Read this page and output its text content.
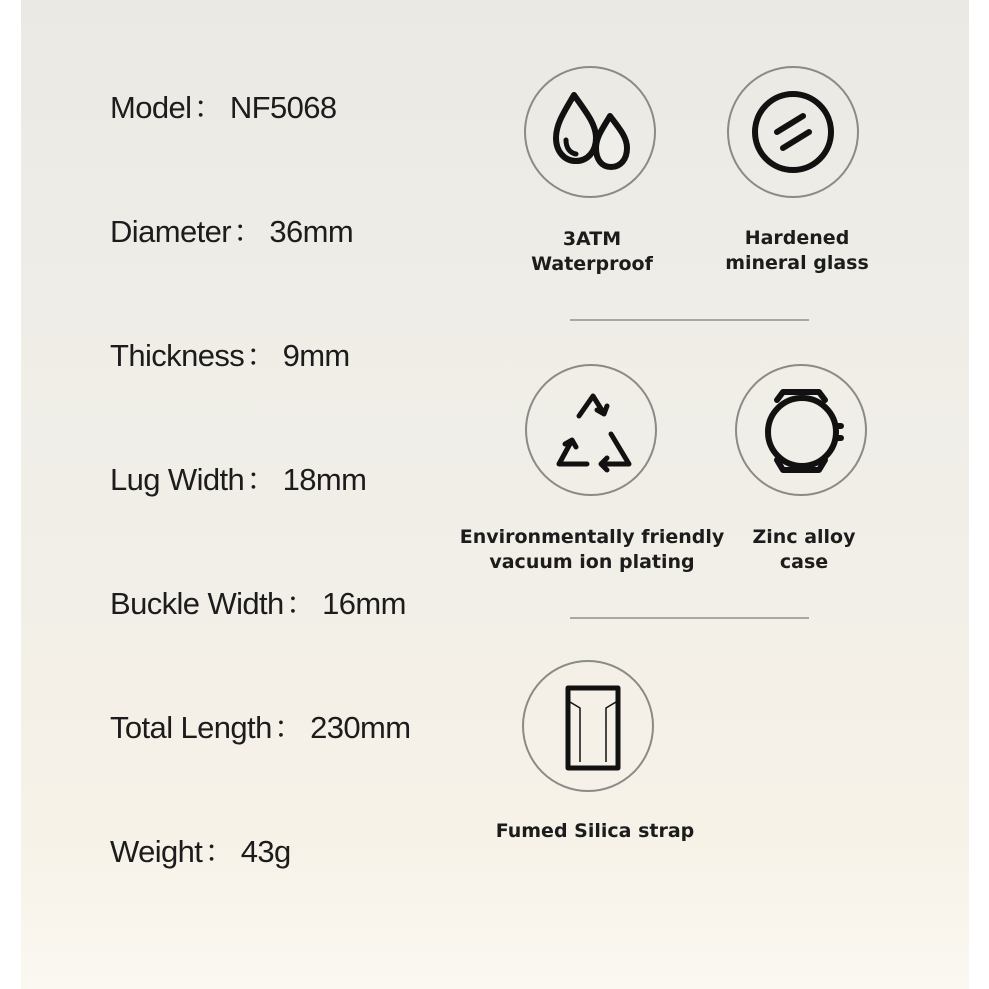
Model： NF5068
Diameter： 36mm
Thickness： 9mm
Lug Width： 18mm
Buckle Width： 16mm
Total Length： 230mm
Weight： 43g
3ATM
Waterproof
Hardened
mineral glass
Environmentally friendly
vacuum ion plating
Zinc alloy
case
Fumed Silica strap
